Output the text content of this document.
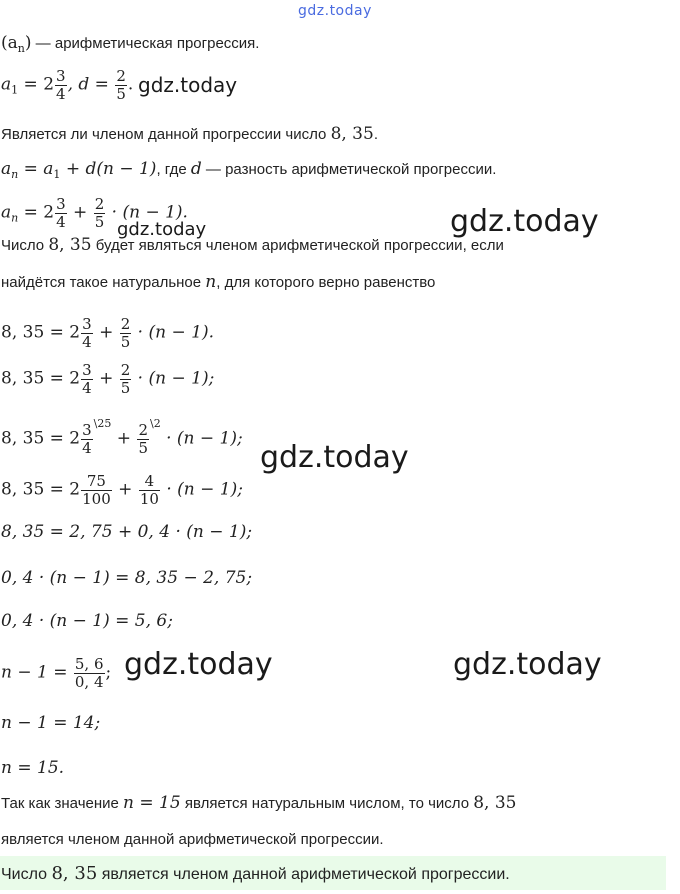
gdz.today
$(a_n)$ — арифметическая прогрессия.
$a_1 = 2 \frac{3}{4}$ , $d = \frac{2}{5}$ . gdz.today
Является ли членом данной прогрессии число 8, 35.
$a_n = a_1 + d(n - 1)$, где d — разность арифметической прогрессии.
$a_n = 2 \frac{3}{4} + \frac{2}{5} \cdot (n - 1)$.
gdz.today	gdz.today
Число 8, 35 будет являться членом арифметической прогрессии, если
найдётся такое натуральное n, для которого верно равенство
8, $35 = 2 \frac{3}{4} + \frac{2}{5} \cdot (n - 1)$.
8, $35 = 2 \frac{3}{4} + \frac{2}{5} \cdot (n - 1)$;
8, $35 = 2 \frac{3}{4} ^{\backslash 25} + \frac{2}{5} ^{\backslash 2} \cdot (n - 1)$;
gdz.today
8, $35 = 2 \frac{75}{100} + \frac{4}{10} \cdot (n - 1)$;
8, 35 = 2, 75 + 0, 4 · (n − 1);
0, 4 · (n − 1) = 8, 35 − 2, 75;
0, 4 · (n − 1) = 5, 6;
$n - 1 = \frac{5, 6}{0, 4}$ ; gdz.today	gdz.today
n − 1 = 14;
n = 15.
Так как значение n = 15 является натуральным числом, то число 8, 35
является членом данной арифметической прогрессии.
Число 8, 35 является членом данной арифметической прогрессии.
